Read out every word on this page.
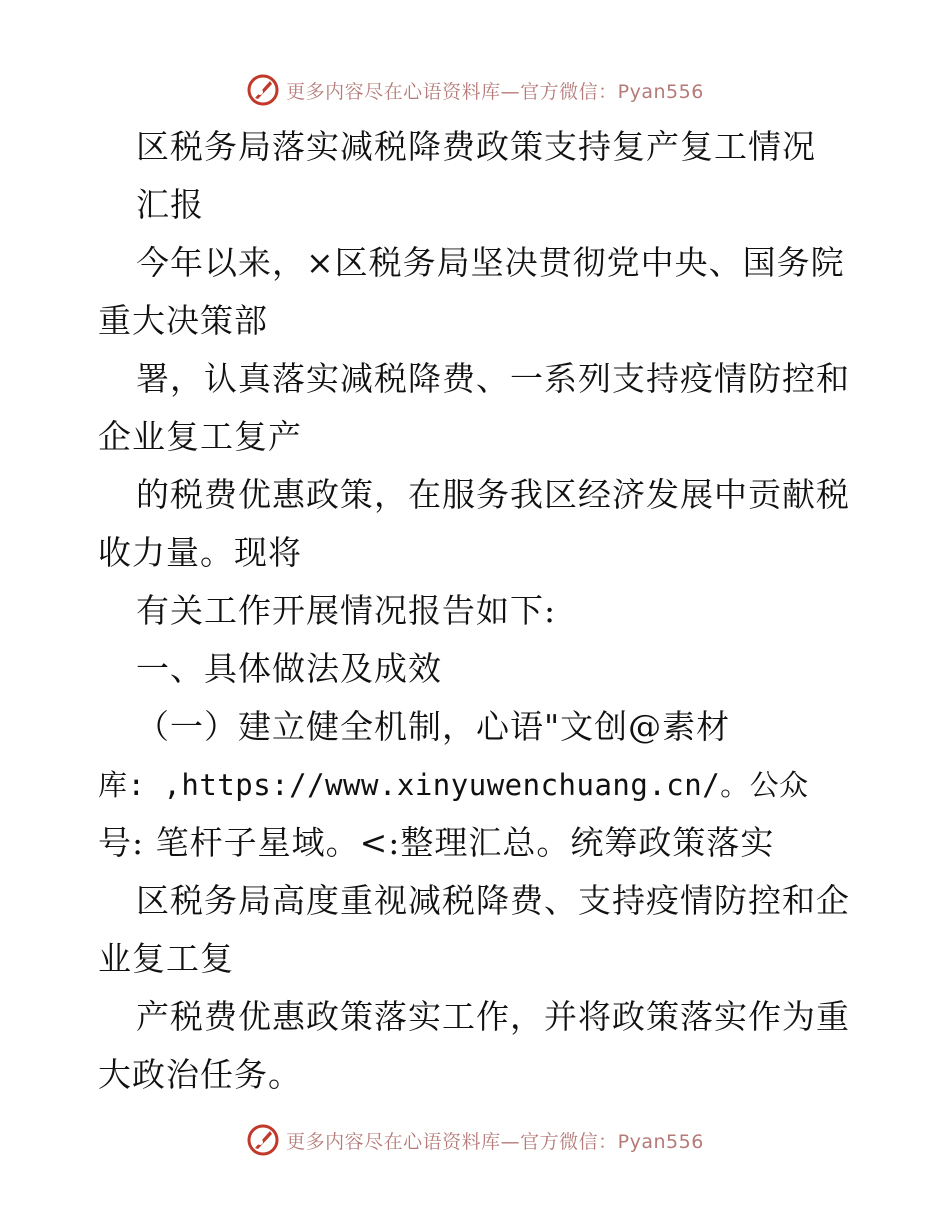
更多内容尽在心语资料库—官方微信：Pyan556
区税务局落实减税降费政策支持复产复工情况
汇报
今年以来，×区税务局坚决贯彻党中央、国务院
重大决策部
署，认真落实减税降费、一系列支持疫情防控和
企业复工复产
的税费优惠政策，在服务我区经济发展中贡献税
收力量。现将
有关工作开展情况报告如下:
一、具体做法及成效
（一）建立健全机制，心语"文创@素材
库: ,https://www.xinyuwenchuang.cn/。公众
号: 笔杆子星域。<:整理汇总。统筹政策落实
区税务局高度重视减税降费、支持疫情防控和企
业复工复
产税费优惠政策落实工作，并将政策落实作为重
大政治任务。
更多内容尽在心语资料库—官方微信：Pyan556
